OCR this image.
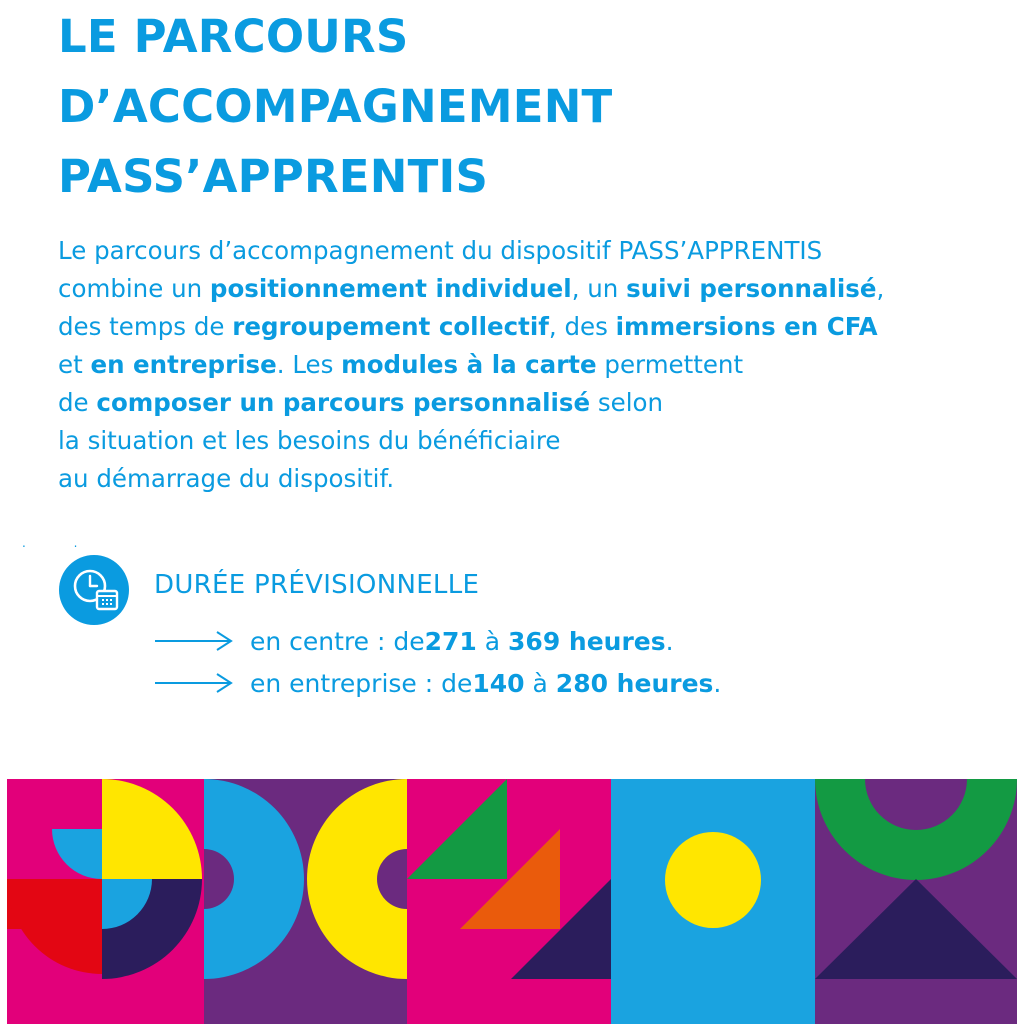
LE PARCOURS
D’ACCOMPAGNEMENT
PASS’APPRENTIS

Le parcours d’accompagnement du dispositif PASS’APPRENTIS
combine un positionnement individuel, un suivi personnalisé,
des temps de regroupement collectif, des immersions en CFA
et en entreprise. Les modules à la carte permettent
de composer un parcours personnalisé selon
la situation et les besoins du bénéficiaire
au démarrage du dispositif.

. .
DURÉE PRÉVISIONNELLE
en centre : de 271 à 369 heures .
en entreprise : de 140 à 280 heures .
